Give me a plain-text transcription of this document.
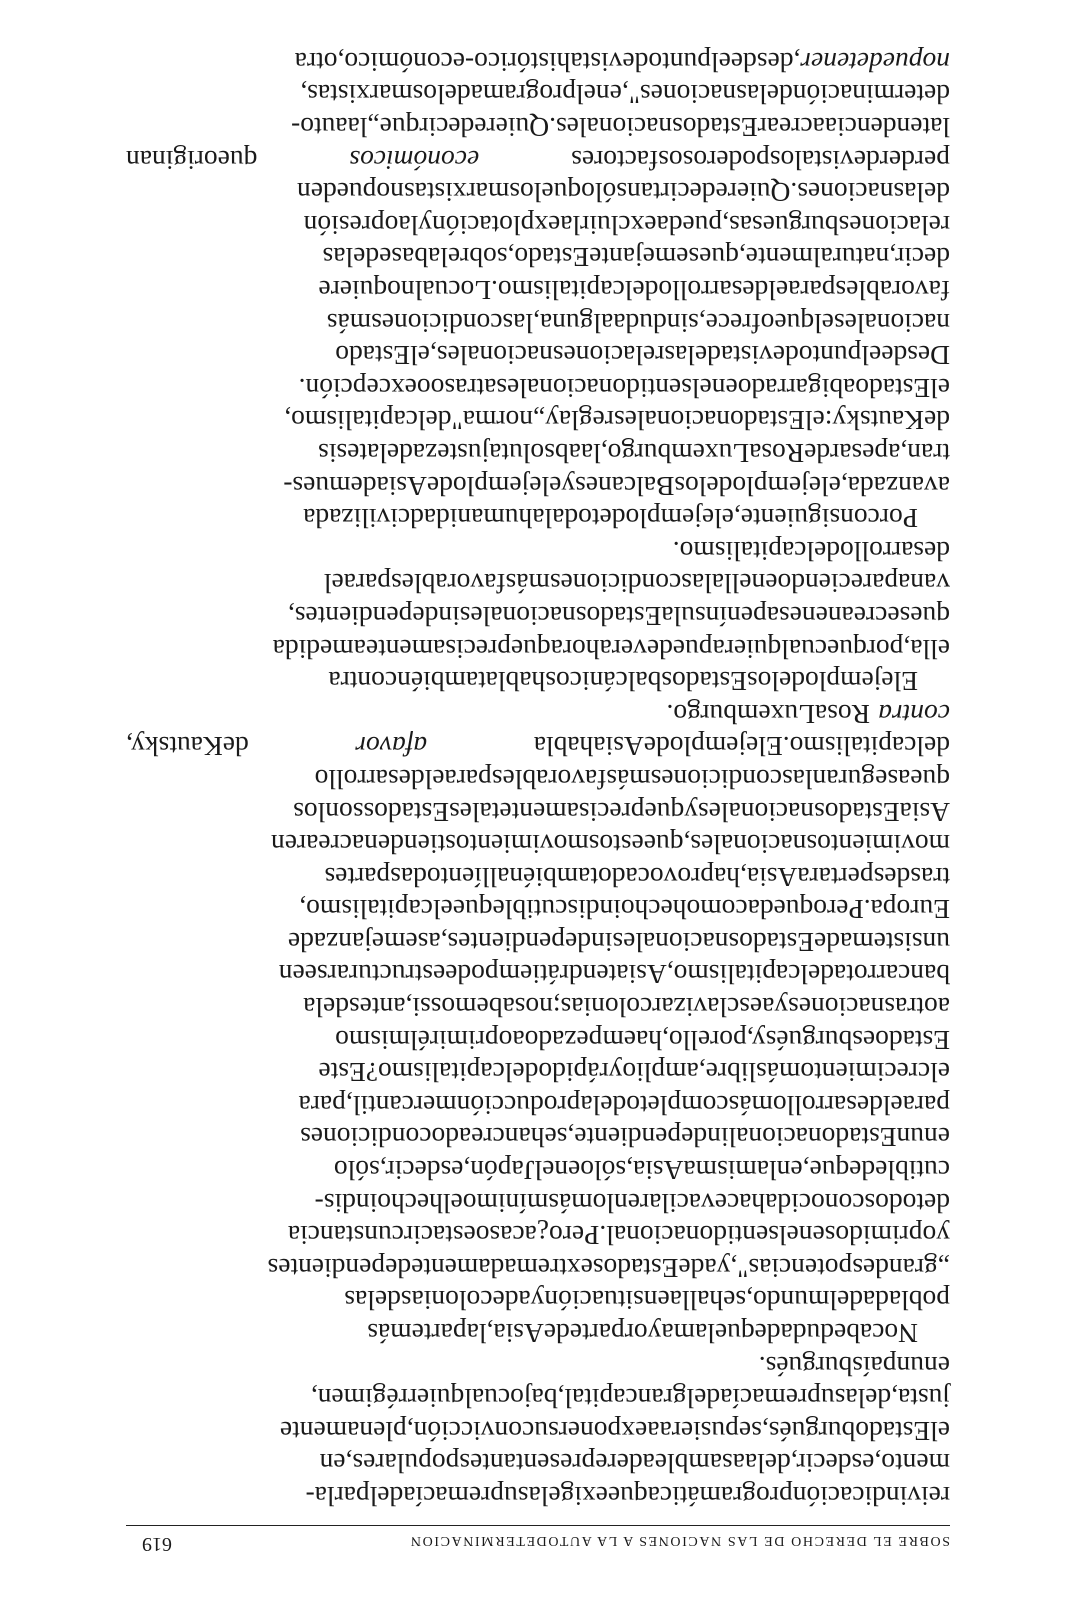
SOBRE EL DERECHO DE LAS NACIONES A LA AUTODETERMINACION
619
reivindicaciónprogramáticaqueexigelasupremacíadelparla-
mento,esdecir,delaasambleaderepresentantespopulares,en
elEstadoburgués,sepusieraaexponersuconvicción,plenamente
justa,delasupremacíadelgrancapital,bajocualquierrégimen,
enunpaísburgués.
NocabedudadequelamayorpartedeAsia,lapartemás
pobladadelmundo,sehallaensituaciónyadecoloniasdelas
„grandespotencias",yadeEstadosextremadamentedependientes
yoprimidosenelsentidonacional.Pero¿acasoestacircunstancia
detodosconocidahacevacilarenlomásmínimoelhechoindis-
cutibledeque,enlamismaAsia,sóloenelJapón,esdecir,sólo
enunEstadonacionalindependiente,sehancreadocondiciones
paraeldesarrollomáscompletodelaproducciónmercantil,para
elcrecimientomáslibre,amplioyrápidodelcapitalismo?Este
Estadoesburguésy,porello,haempezadoaoprimirélmismo
aotrasnacionesyaesclavizarcolonias;nosabemossi,antesdela
bancarrotadelcapitalismo,Asiatendrátiempodeestructurarseen
unsistemadeEstadosnacionalesindependientes,asemejanzade
Europa.Peroquedacomohechoindiscutiblequeelcapitalismo,
trasdespertaraAsia,haprovocadotambiénallíentodaspartes
movimientosnacionales,queestosmovimientostiendenacrearen
AsiaEstadosnacionalesyqueprecisamentetalesEstadossonlos
queaseguranlascondicionesmásfavorablesparaeldesarrollo
delcapitalismo.ElejemplodeAsiahabla
afavor
deKautsky,
contra
RosaLuxemburgo.
ElejemplodelosEstadosbalcánicoshablatambiéncontra
ella,porquecualquierapuedeverahoraqueprecisamenteamedida
quesecreanenesapenínsulaEstadosnacionalesindependientes,
vanapareciendoenellalascondicionesmásfavorablesparael
desarrollodelcapitalismo.
Porconsiguiente,elejemplodetodalahumanidadcivilizada
avanzada,elejemplodelosBalcanesyelejemplodeAsiademues-
tran,apesardeRosaLuxemburgo,laabsolutajustezadelatesis
deKautsky:elEstadonacionalesreglay„norma"delcapitalismo,
elEstadoabigarradoenelsentidonacionalesatrasooexcepción.
Desdeelpuntodevistadelasrelacionesnacionales,elEstado
nacionaleselqueofrece,sindudaalguna,lascondicionesmás
favorablesparaeldesarrollodelcapitalismo.Locualnoquiere
decir,naturalmente,quesemejanteEstado,sobrelabasedelas
relacionesburguesas,puedaexcluirlaexplotaciónylaopresión
delasnaciones.Quieredecirtansóloquelosmarxistasnopueden
perderdevistalospoderososfactores
económicos
queoriginan
latendenciaacrearEstadosnacionales.Quieredecirque„laauto-
determinacióndelasnaciones",enelprogramadelosmarxistas,
nopuedetener,desdeelpuntodevistahistórico-económico,otra
